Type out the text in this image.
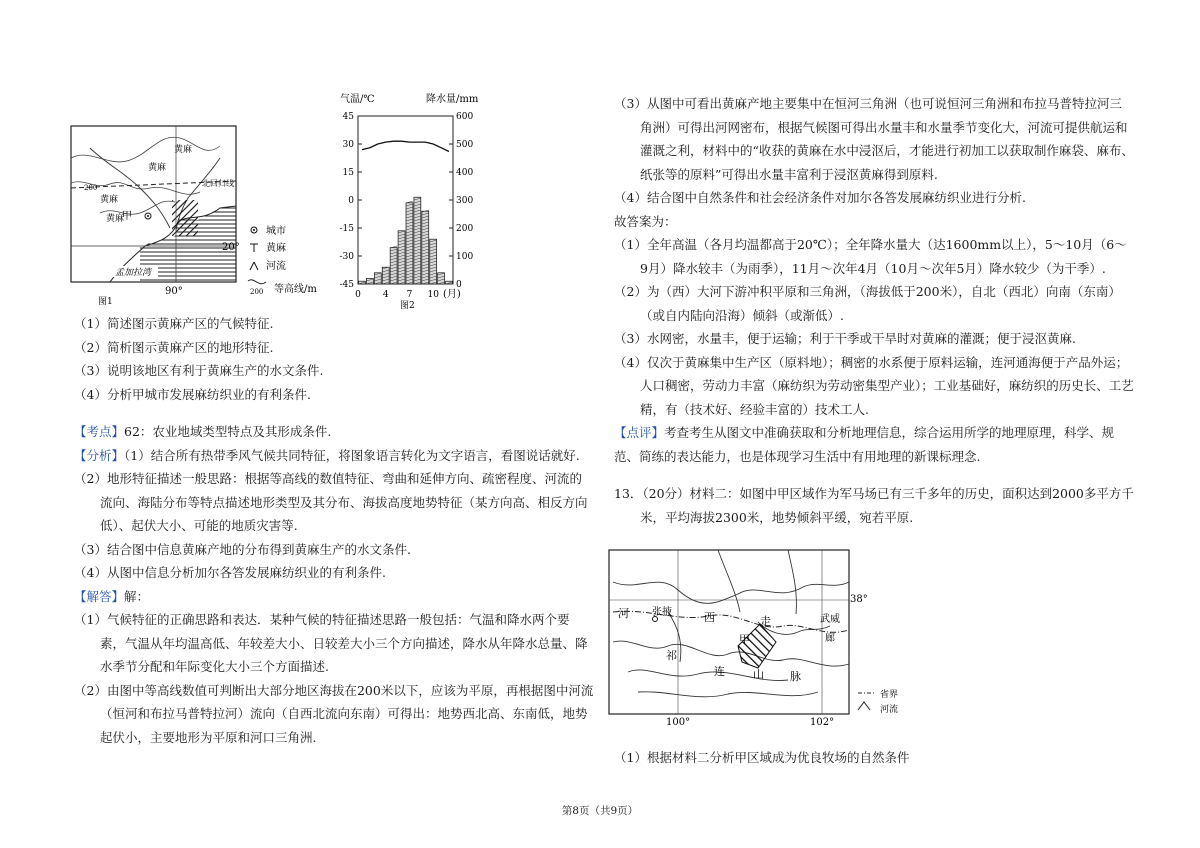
北回归线
200
黄麻
黄麻
黄麻
黄麻
甲
孟加拉湾
20°
90°
图1
城市
黄麻
河流
200 等高线/m
气温/℃	降水量/mm
45
30
15
0
-15
-30
-45
600
500
400
300
200
100
0
0 4 7 10 (月)
图2

（1）简述图示黄麻产区的气候特征.

（2）简析图示黄麻产区的地形特征.

（3）说明该地区有利于黄麻生产的水文条件.

（4）分析甲城市发展麻纺织业的有利条件.

【考点】62：农业地域类型特点及其形成条件.

【分析】（1）结合所有热带季风气候共同特征，将图象语言转化为文字语言，看图说话就好.

（2）地形特征描述一般思路：根据等高线的数值特征、弯曲和延伸方向、疏密程度、河流的流向、海陆分布等特点描述地形类型及其分布、海拔高度地势特征（某方向高、相反方向低）、起伏大小、可能的地质灾害等.

（3）结合图中信息黄麻产地的分布得到黄麻生产的水文条件.

（4）从图中信息分析加尔各答发展麻纺织业的有利条件.

【解答】解：

（1）气候特征的正确思路和表达．某种气候的特征描述思路一般包括：气温和降水两个要素，气温从年均温高低、年较差大小、日较差大小三个方向描述，降水从年降水总量、降水季节分配和年际变化大小三个方面描述.

（2）由图中等高线数值可判断出大部分地区海拔在200米以下，应该为平原，再根据图中河流（恒河和布拉马普特拉河）流向（自西北流向东南）可得出：地势西北高、东南低，地势起伏小，主要地形为平原和河口三角洲.

（3）从图中可看出黄麻产地主要集中在恒河三角洲（也可说恒河三角洲和布拉马普特拉河三角洲）可得出河网密布，根据气候图可得出水量丰和水量季节变化大，河流可提供航运和灌溉之利，材料中的“收获的黄麻在水中浸沤后，才能进行初加工以获取制作麻袋、麻布、纸张等的原料”可得出水量丰富利于浸沤黄麻得到原料.

（4）结合图中自然条件和社会经济条件对加尔各答发展麻纺织业进行分析.

故答案为：

（1）全年高温（各月均温都高于20℃）；全年降水量大（达1600mm以上），5～10月（6～9月）降水较丰（为雨季），11月～次年4月（10月～次年5月）降水较少（为干季）.

（2）为（西）大河下游冲积平原和三角洲，（海拔低于200米），自北（西北）向南（东南）（或自内陆向沿海）倾斜（或渐低）.

（3）水网密，水量丰，便于运输；利于干季或干旱时对黄麻的灌溉；便于浸沤黄麻.

（4）仅次于黄麻集中生产区（原料地）；稠密的水系便于原料运输，连河通海便于产品外运；人口稠密，劳动力丰富（麻纺织为劳动密集型产业）；工业基础好，麻纺织的历史长、工艺精，有（技术好、经验丰富的）技术工人.

【点评】考查考生从图文中准确获取和分析地理信息，综合运用所学的地理原理，科学、规范、简练的表达能力，也是体现学习生活中有用地理的新课标理念.

13．（20分）材料二：如图中甲区域作为军马场已有三千多年的历史，面积达到2000多平方千米，平均海拔2300米，地势倾斜平缓，宛若平原.

（1）根据材料二分析甲区域成为优良牧场的自然条件

河 张掖	西	走	武威
廊
甲
祁
连	山 脉
38°
100°	102°
省界
河流
第8页（共9页）
